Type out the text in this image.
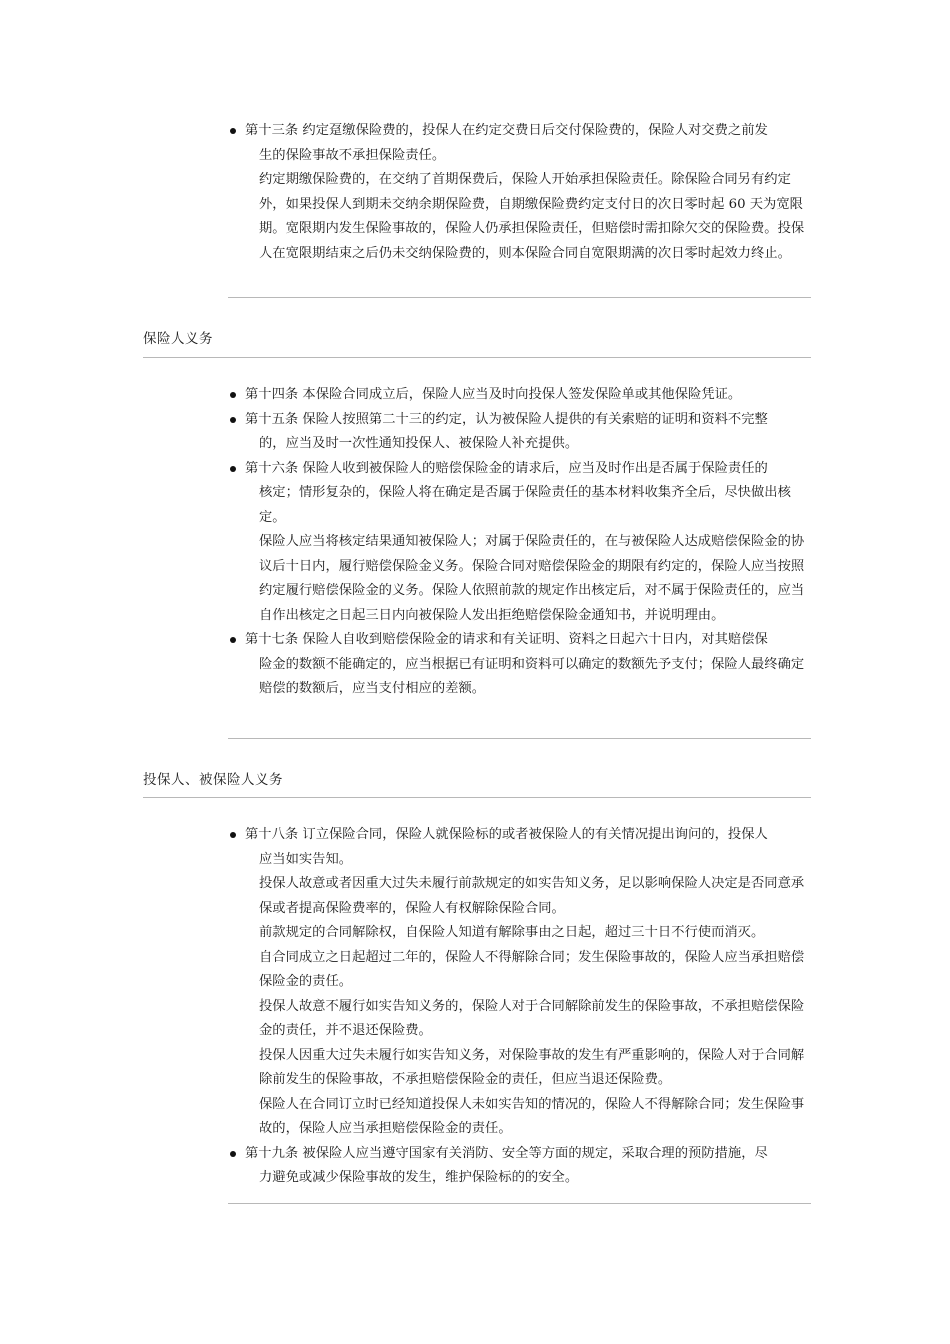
第十三条 约定趸缴保险费的，投保人在约定交费日后交付保险费的，保险人对交费之前发
生的保险事故不承担保险责任。
约定期缴保险费的，在交纳了首期保费后，保险人开始承担保险责任。除保险合同另有约定外，如果投保人到期未交纳余期保险费，自期缴保险费约定支付日的次日零时起 60 天为宽限期。宽限期内发生保险事故的，保险人仍承担保险责任，但赔偿时需扣除欠交的保险费。投保人在宽限期结束之后仍未交纳保险费的，则本保险合同自宽限期满的次日零时起效力终止。
保险人义务
第十四条 本保险合同成立后，保险人应当及时向投保人签发保险单或其他保险凭证。
第十五条 保险人按照第二十三的约定，认为被保险人提供的有关索赔的证明和资料不完整
的，应当及时一次性通知投保人、被保险人补充提供。
第十六条 保险人收到被保险人的赔偿保险金的请求后，应当及时作出是否属于保险责任的
核定；情形复杂的，保险人将在确定是否属于保险责任的基本材料收集齐全后，尽快做出核定。
保险人应当将核定结果通知被保险人；对属于保险责任的，在与被保险人达成赔偿保险金的协议后十日内，履行赔偿保险金义务。保险合同对赔偿保险金的期限有约定的，保险人应当按照约定履行赔偿保险金的义务。保险人依照前款的规定作出核定后，对不属于保险责任的，应当自作出核定之日起三日内向被保险人发出拒绝赔偿保险金通知书，并说明理由。
第十七条 保险人自收到赔偿保险金的请求和有关证明、资料之日起六十日内，对其赔偿保
险金的数额不能确定的，应当根据已有证明和资料可以确定的数额先予支付；保险人最终确定赔偿的数额后，应当支付相应的差额。
投保人、被保险人义务
第十八条 订立保险合同，保险人就保险标的或者被保险人的有关情况提出询问的，投保人
应当如实告知。
投保人故意或者因重大过失未履行前款规定的如实告知义务，足以影响保险人决定是否同意承保或者提高保险费率的，保险人有权解除保险合同。
前款规定的合同解除权，自保险人知道有解除事由之日起，超过三十日不行使而消灭。
自合同成立之日起超过二年的，保险人不得解除合同；发生保险事故的，保险人应当承担赔偿保险金的责任。
投保人故意不履行如实告知义务的，保险人对于合同解除前发生的保险事故，不承担赔偿保险金的责任，并不退还保险费。
投保人因重大过失未履行如实告知义务，对保险事故的发生有严重影响的，保险人对于合同解除前发生的保险事故，不承担赔偿保险金的责任，但应当退还保险费。
保险人在合同订立时已经知道投保人未如实告知的情况的，保险人不得解除合同；发生保险事故的，保险人应当承担赔偿保险金的责任。
第十九条 被保险人应当遵守国家有关消防、安全等方面的规定，采取合理的预防措施，尽
力避免或减少保险事故的发生，维护保险标的的安全。
